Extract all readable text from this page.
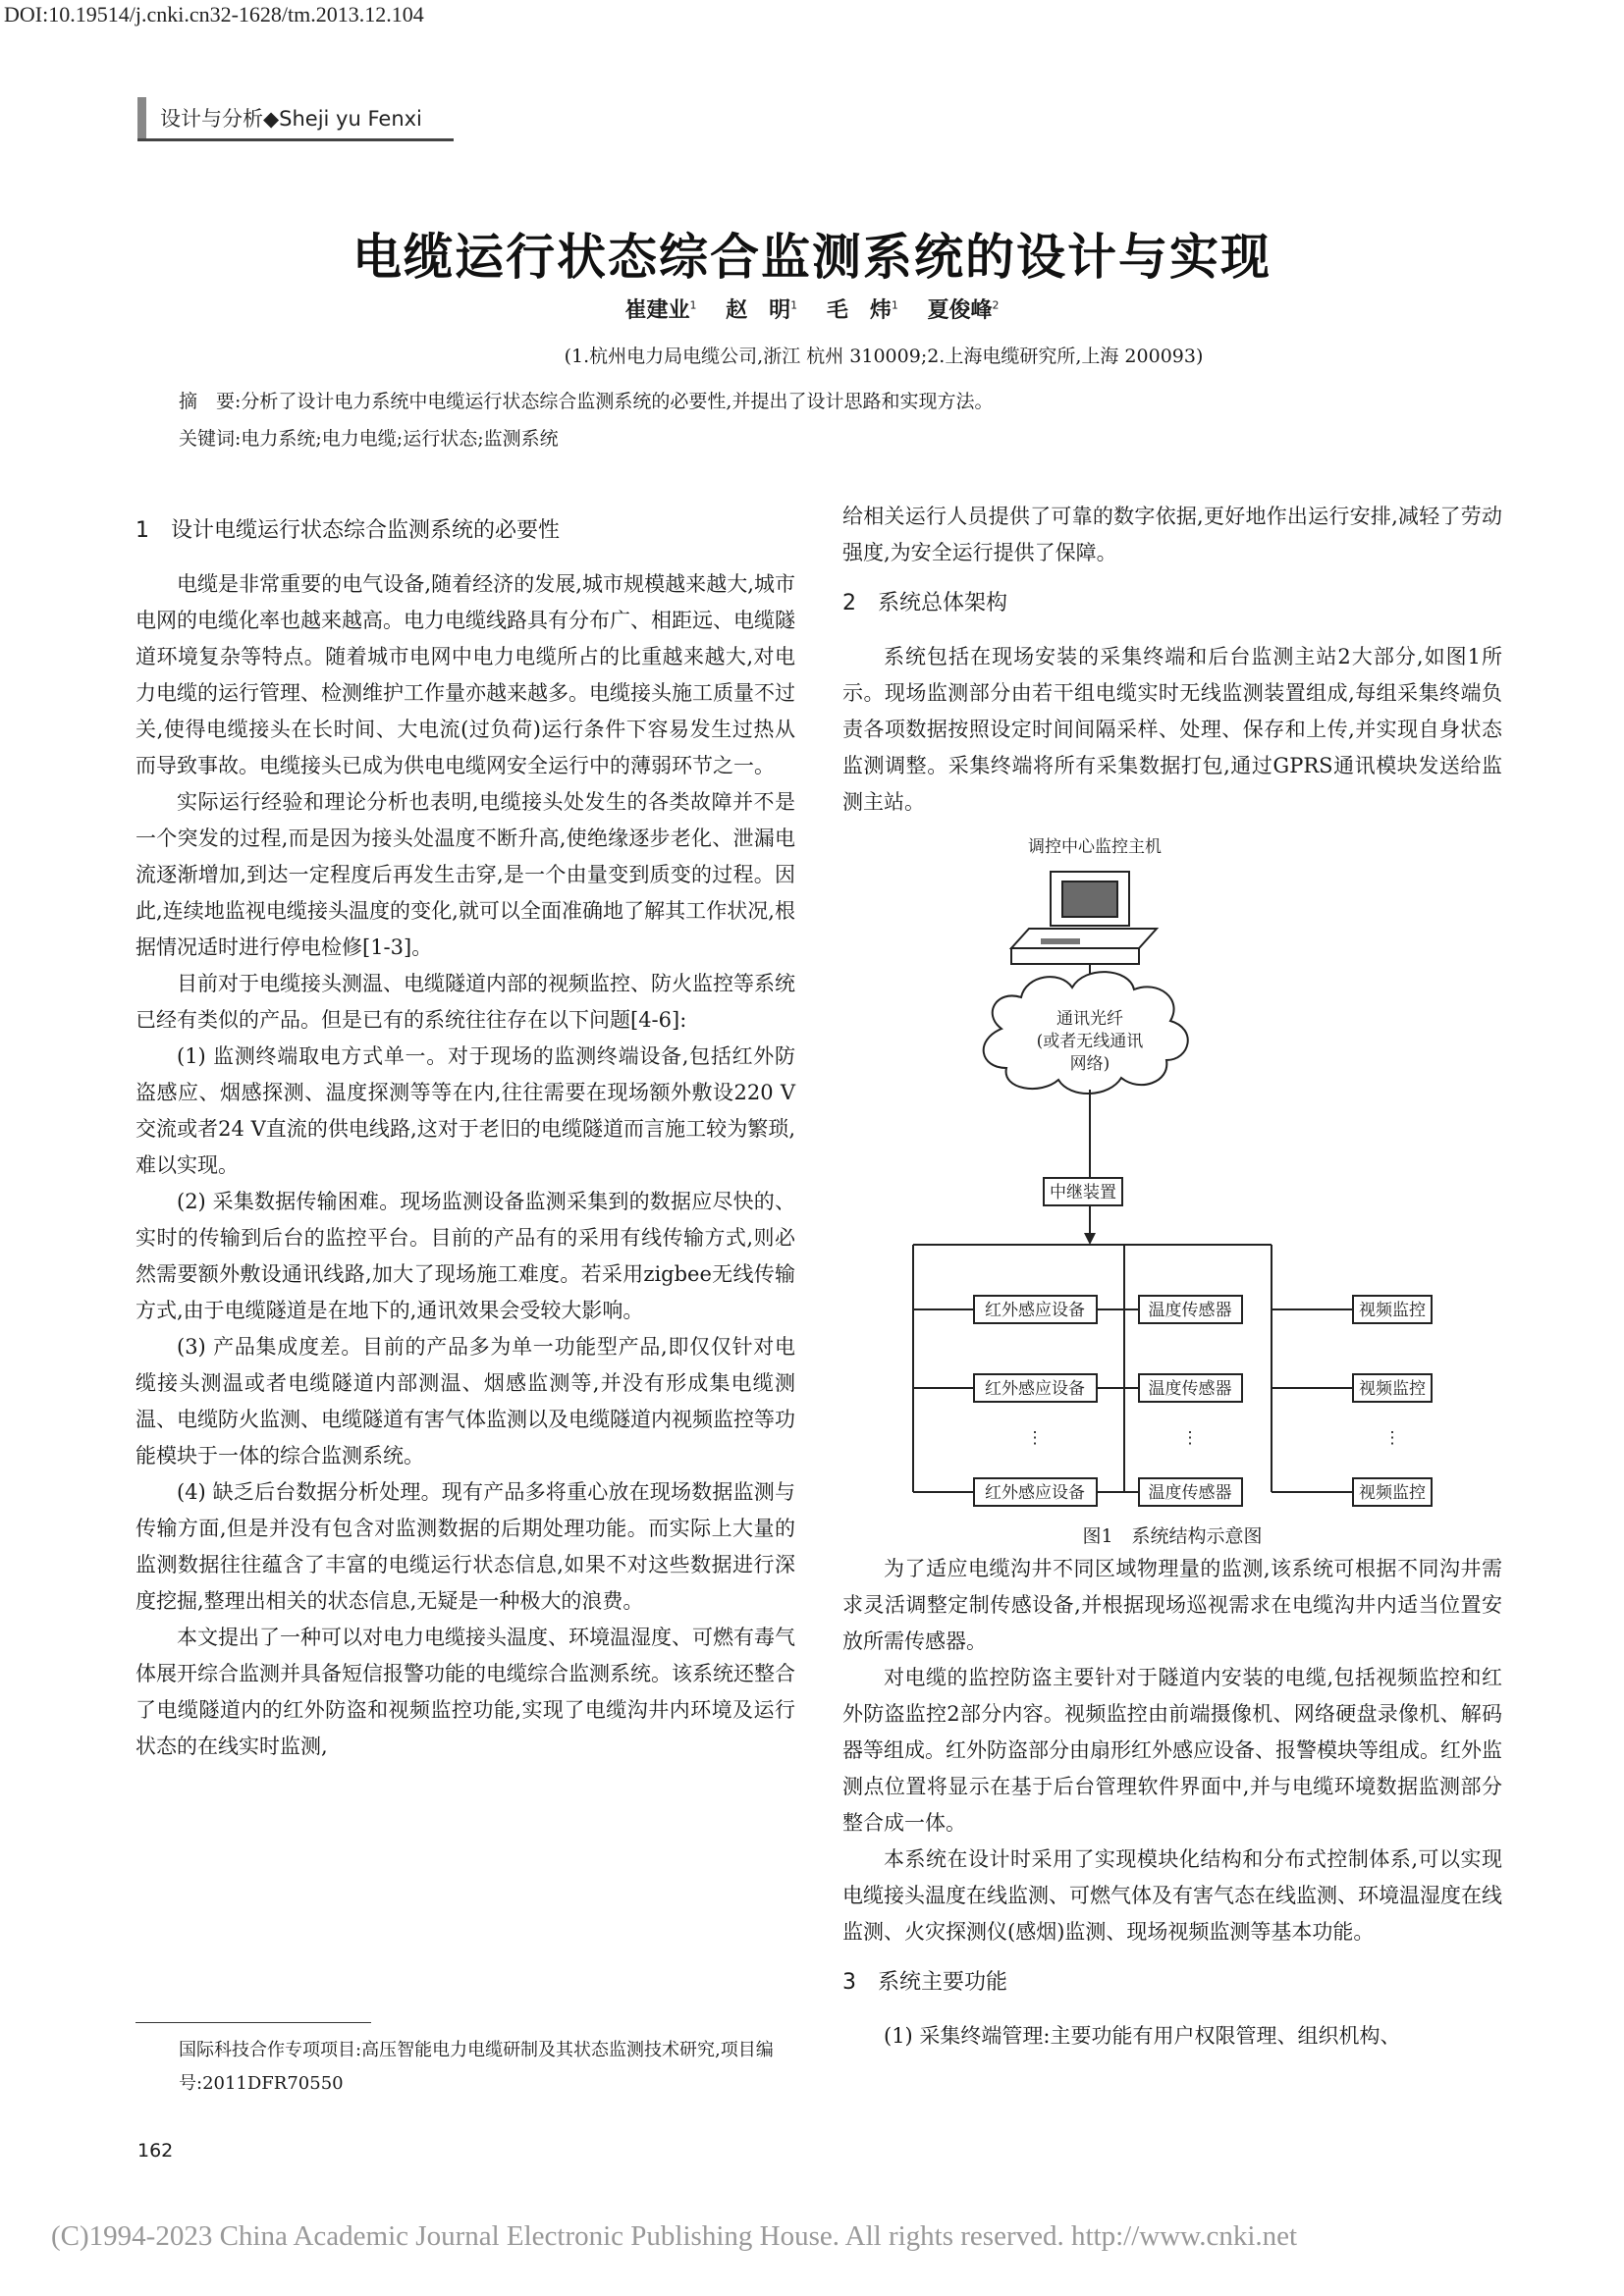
DOI:10.19514/j.cnki.cn32-1628/tm.2013.12.104
设计与分析◆Sheji yu Fenxi
电缆运行状态综合监测系统的设计与实现
崔建业$^1$ 赵　明$^1$ 毛　炜$^1$ 夏俊峰$^2$
(1.杭州电力局电缆公司,浙江 杭州 310009;2.上海电缆研究所,上海 200093)
摘　要:分析了设计电力系统中电缆运行状态综合监测系统的必要性,并提出了设计思路和实现方法。
关键词:电力系统;电力电缆;运行状态;监测系统
1　设计电缆运行状态综合监测系统的必要性

电缆是非常重要的电气设备,随着经济的发展,城市规模越来越大,城市电网的电缆化率也越来越高。电力电缆线路具有分布广、相距远、电缆隧道环境复杂等特点。随着城市电网中电力电缆所占的比重越来越大,对电力电缆的运行管理、检测维护工作量亦越来越多。电缆接头施工质量不过关,使得电缆接头在长时间、大电流(过负荷)运行条件下容易发生过热从而导致事故。电缆接头已成为供电电缆网安全运行中的薄弱环节之一。

实际运行经验和理论分析也表明,电缆接头处发生的各类故障并不是一个突发的过程,而是因为接头处温度不断升高,使绝缘逐步老化、泄漏电流逐渐增加,到达一定程度后再发生击穿,是一个由量变到质变的过程。因此,连续地监视电缆接头温度的变化,就可以全面准确地了解其工作状况,根据情况适时进行停电检修[1-3]。

目前对于电缆接头测温、电缆隧道内部的视频监控、防火监控等系统已经有类似的产品。但是已有的系统往往存在以下问题[4-6]:

(1) 监测终端取电方式单一。对于现场的监测终端设备,包括红外防盗感应、烟感探测、温度探测等等在内,往往需要在现场额外敷设220 V交流或者24 V直流的供电线路,这对于老旧的电缆隧道而言施工较为繁琐,难以实现。

(2) 采集数据传输困难。现场监测设备监测采集到的数据应尽快的、实时的传输到后台的监控平台。目前的产品有的采用有线传输方式,则必然需要额外敷设通讯线路,加大了现场施工难度。若采用zigbee无线传输方式,由于电缆隧道是在地下的,通讯效果会受较大影响。

(3) 产品集成度差。目前的产品多为单一功能型产品,即仅仅针对电缆接头测温或者电缆隧道内部测温、烟感监测等,并没有形成集电缆测温、电缆防火监测、电缆隧道有害气体监测以及电缆隧道内视频监控等功能模块于一体的综合监测系统。

(4) 缺乏后台数据分析处理。现有产品多将重心放在现场数据监测与传输方面,但是并没有包含对监测数据的后期处理功能。而实际上大量的监测数据往往蕴含了丰富的电缆运行状态信息,如果不对这些数据进行深度挖掘,整理出相关的状态信息,无疑是一种极大的浪费。

本文提出了一种可以对电力电缆接头温度、环境温湿度、可燃有毒气体展开综合监测并具备短信报警功能的电缆综合监测系统。该系统还整合了电缆隧道内的红外防盗和视频监控功能,实现了电缆沟井内环境及运行状态的在线实时监测,

给相关运行人员提供了可靠的数字依据,更好地作出运行安排,减轻了劳动强度,为安全运行提供了保障。

2　系统总体架构

系统包括在现场安装的采集终端和后台监测主站2大部分,如图1所示。现场监测部分由若干组电缆实时无线监测装置组成,每组采集终端负责各项数据按照设定时间间隔采样、处理、保存和上传,并实现自身状态监测调整。采集终端将所有采集数据打包,通过GPRS通讯模块发送给监测主站。

调控中心监控主机
通讯光纤
(或者无线通讯
网络)
中继装置
红外感应设备	温度传感器	视频监控
红外感应设备	温度传感器	视频监控
⋮	⋮	⋮
红外感应设备	温度传感器	视频监控
图1　系统结构示意图

为了适应电缆沟井不同区域物理量的监测,该系统可根据不同沟井需求灵活调整定制传感设备,并根据现场巡视需求在电缆沟井内适当位置安放所需传感器。

对电缆的监控防盗主要针对于隧道内安装的电缆,包括视频监控和红外防盗监控2部分内容。视频监控由前端摄像机、网络硬盘录像机、解码器等组成。红外防盗部分由扇形红外感应设备、报警模块等组成。红外监测点位置将显示在基于后台管理软件界面中,并与电缆环境数据监测部分整合成一体。

本系统在设计时采用了实现模块化结构和分布式控制体系,可以实现电缆接头温度在线监测、可燃气体及有害气态在线监测、环境温湿度在线监测、火灾探测仪(感烟)监测、现场视频监测等基本功能。

3　系统主要功能

(1) 采集终端管理:主要功能有用户权限管理、组织机构、

国际科技合作专项项目:高压智能电力电缆研制及其状态监测技术研究,项目编号:2011DFR70550
162
(C)1994-2023 China Academic Journal Electronic Publishing House. All rights reserved. http://www.cnki.net
